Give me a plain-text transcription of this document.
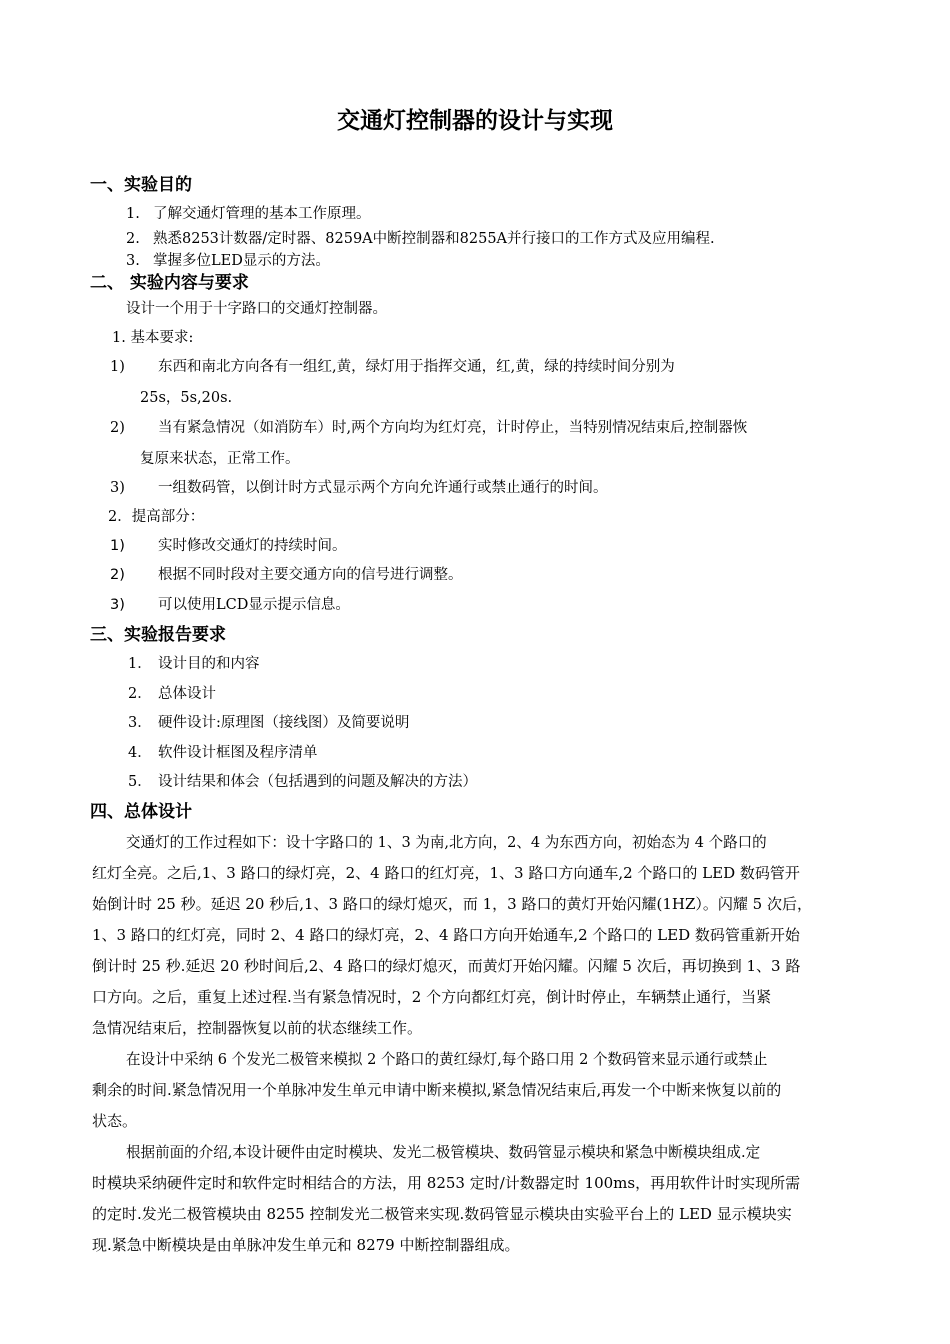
交通灯控制器的设计与实现
一、实验目的
1. 了解交通灯管理的基本工作原理。
2. 熟悉8253计数器/定时器、8259A中断控制器和8255A并行接口的工作方式及应用编程.
3. 掌握多位LED显示的方法。
二、 实验内容与要求
设计一个用于十字路口的交通灯控制器。
1. 基本要求:
1) 东西和南北方向各有一组红,黄，绿灯用于指挥交通，红,黄，绿的持续时间分别为
25s，5s,20s.
2) 当有紧急情况（如消防车）时,两个方向均为红灯亮，计时停止，当特别情况结束后,控制器恢
复原来状态，正常工作。
3) 一组数码管，以倒计时方式显示两个方向允许通行或禁止通行的时间。
2．提高部分：
1) 实时修改交通灯的持续时间。
2) 根据不同时段对主要交通方向的信号进行调整。
3) 可以使用LCD显示提示信息。
三、实验报告要求
1． 设计目的和内容
2． 总体设计
3． 硬件设计:原理图（接线图）及简要说明
4． 软件设计框图及程序清单
5． 设计结果和体会（包括遇到的问题及解决的方法）
四、总体设计
交通灯的工作过程如下：设十字路口的 1、3 为南,北方向，2、4 为东西方向，初始态为 4 个路口的
红灯全亮。之后,1、3 路口的绿灯亮，2、4 路口的红灯亮，1、3 路口方向通车,2 个路口的 LED 数码管开
始倒计时 25 秒。延迟 20 秒后,1、3 路口的绿灯熄灭，而 1，3 路口的黄灯开始闪耀(1HZ）。闪耀 5 次后，
1、3 路口的红灯亮，同时 2、4 路口的绿灯亮，2、4 路口方向开始通车,2 个路口的 LED 数码管重新开始
倒计时 25 秒.延迟 20 秒时间后,2、4 路口的绿灯熄灭，而黄灯开始闪耀。闪耀 5 次后，再切换到 1、3 路
口方向。之后，重复上述过程.当有紧急情况时，2 个方向都红灯亮，倒计时停止，车辆禁止通行，当紧
急情况结束后，控制器恢复以前的状态继续工作。
在设计中采纳 6 个发光二极管来模拟 2 个路口的黄红绿灯,每个路口用 2 个数码管来显示通行或禁止
剩余的时间.紧急情况用一个单脉冲发生单元申请中断来模拟,紧急情况结束后,再发一个中断来恢复以前的
状态。
根据前面的介绍,本设计硬件由定时模块、发光二极管模块、数码管显示模块和紧急中断模块组成.定
时模块采纳硬件定时和软件定时相结合的方法，用 8253 定时/计数器定时 100ms，再用软件计时实现所需
的定时.发光二极管模块由 8255 控制发光二极管来实现.数码管显示模块由实验平台上的 LED 显示模块实
现.紧急中断模块是由单脉冲发生单元和 8279 中断控制器组成。
